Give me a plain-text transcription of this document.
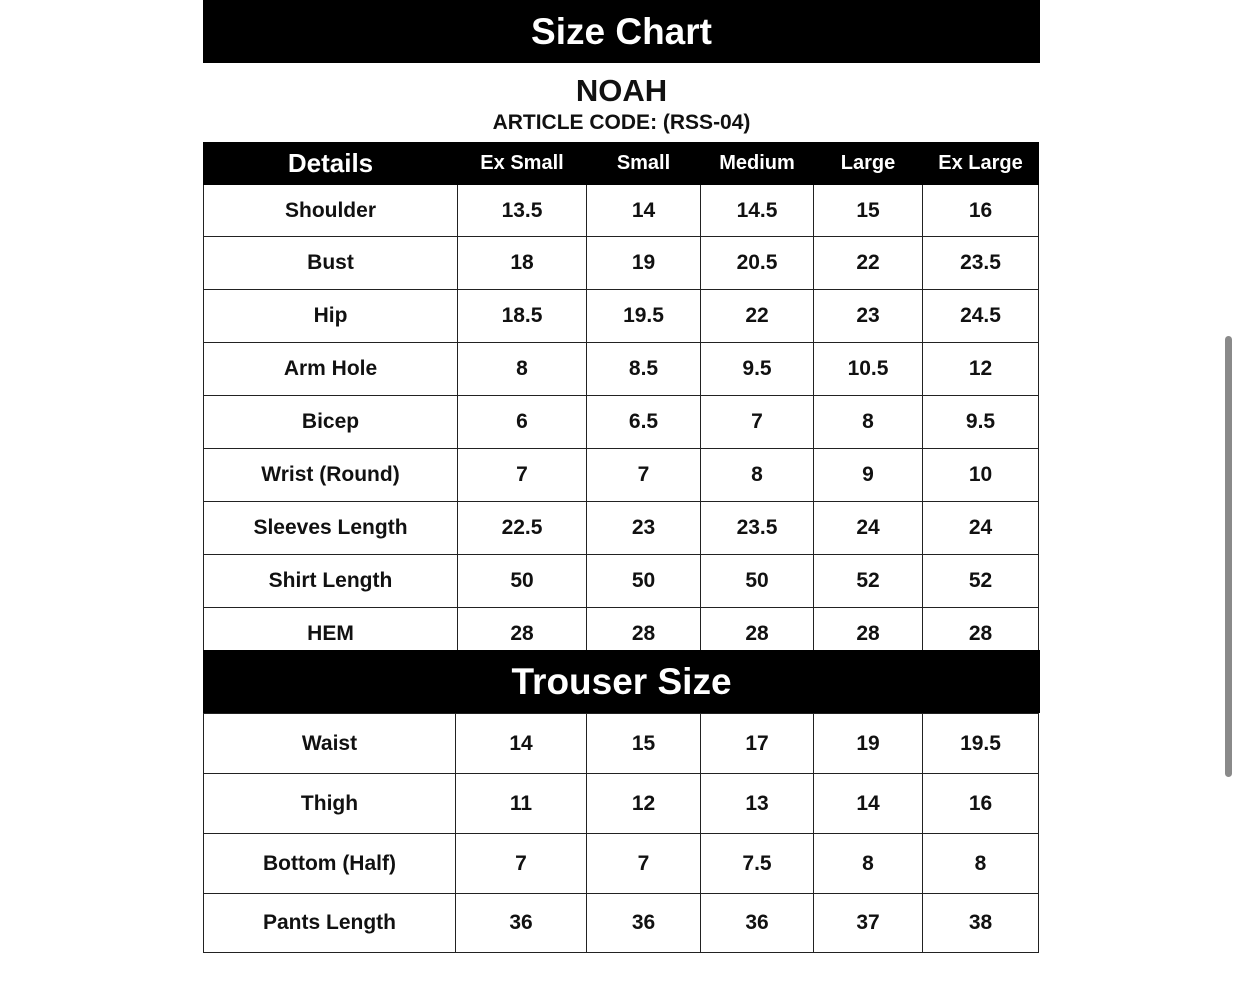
Size Chart
NOAH
ARTICLE CODE: (RSS-04)
Details	Ex Small	Small	Medium	Large	Ex Large
Shoulder	13.5	14	14.5	15	16
Bust	18	19	20.5	22	23.5
Hip	18.5	19.5	22	23	24.5
Arm Hole	8	8.5	9.5	10.5	12
Bicep	6	6.5	7	8	9.5
Wrist (Round)	7	7	8	9	10
Sleeves Length	22.5	23	23.5	24	24
Shirt Length	50	50	50	52	52
HEM	28	28	28	28	28
Trouser Size
Waist	14	15	17	19	19.5
Thigh	11	12	13	14	16
Bottom (Half)	7	7	7.5	8	8
Pants Length	36	36	36	37	38
